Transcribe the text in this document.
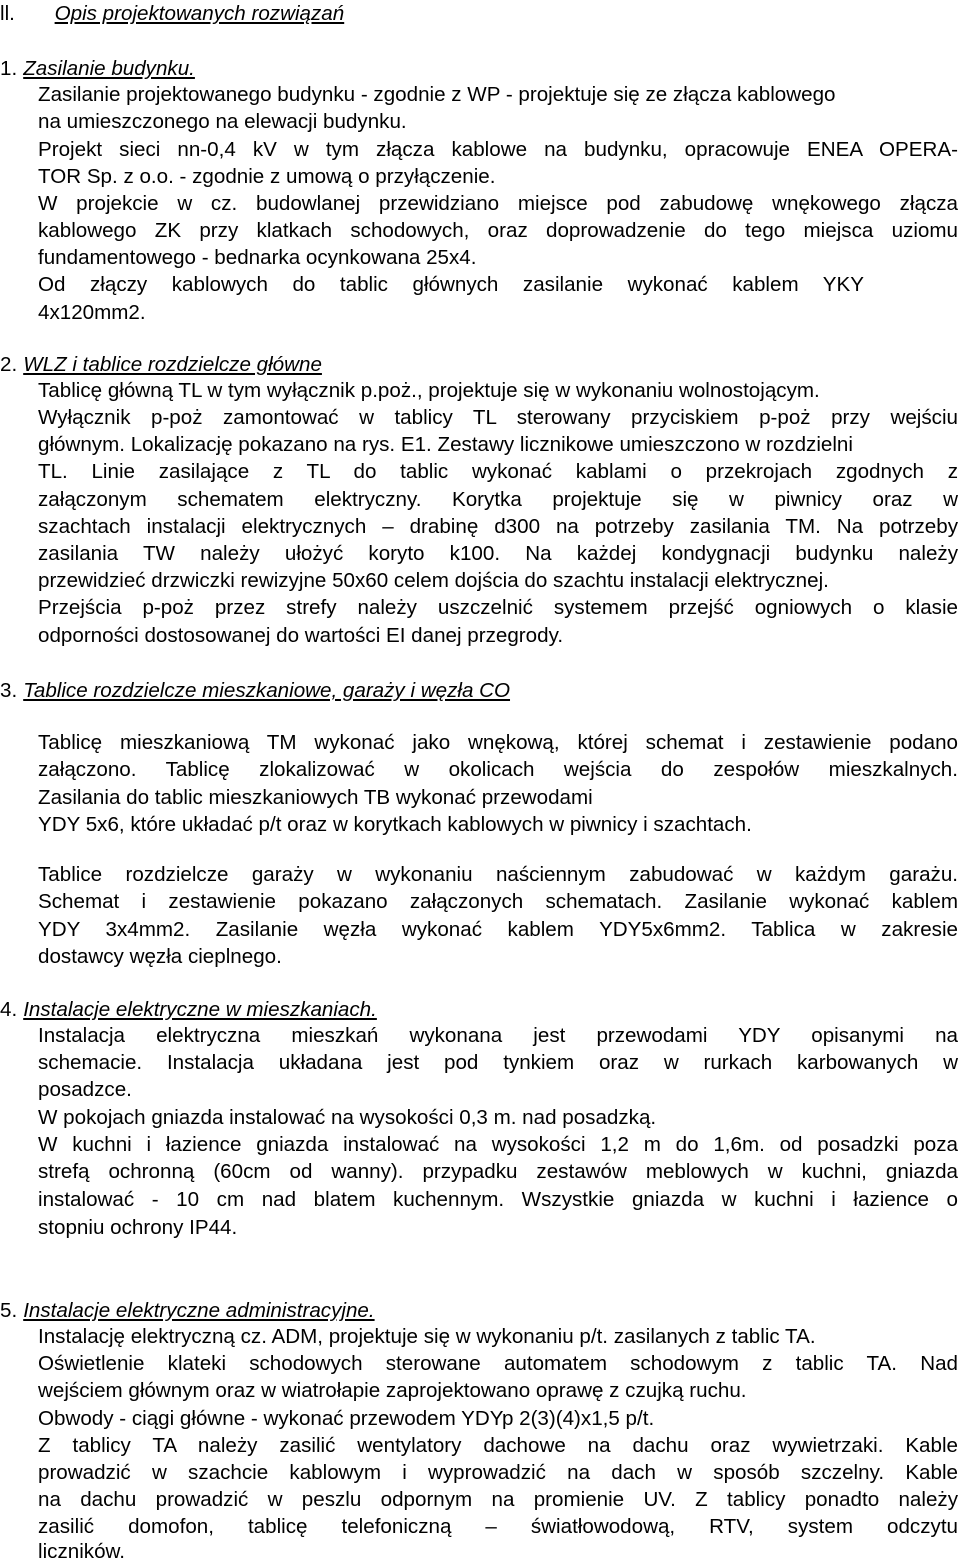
ll. Opis projektowanych rozwiązań
1. Zasilanie budynku.
Zasilanie projektowanego budynku - zgodnie z WP - projektuje się ze złącza kablowego
na umieszczonego na elewacji budynku.
Projekt sieci nn-0,4 kV w tym złącza kablowe na budynku, opracowuje ENEA OPERA-
TOR Sp. z o.o. - zgodnie z umową o przyłączenie.
W projekcie w cz. budowlanej przewidziano miejsce pod zabudowę wnękowego złącza
kablowego ZK przy klatkach schodowych, oraz doprowadzenie do tego miejsca uziomu
fundamentowego - bednarka ocynkowana 25x4.
Od złączy kablowych do tablic głównych zasilanie wykonać kablem YKY
4x120mm2.
2. WLZ i tablice rozdzielcze główne
Tablicę główną TL w tym wyłącznik p.poż., projektuje się w wykonaniu wolnostojącym.
Wyłącznik p-poż zamontować w tablicy TL sterowany przyciskiem p-poż przy wejściu
głównym. Lokalizację pokazano na rys. E1. Zestawy licznikowe umieszczono w rozdzielni
TL. Linie zasilające z TL do tablic wykonać kablami o przekrojach zgodnych z
załączonym schematem elektryczny. Korytka projektuje się w piwnicy oraz w
szachtach instalacji elektrycznych – drabinę d300 na potrzeby zasilania TM. Na potrzeby
zasilania TW należy ułożyć koryto k100. Na każdej kondygnacji budynku należy
przewidzieć drzwiczki rewizyjne 50x60 celem dojścia do szachtu instalacji elektrycznej.
Przejścia p-poż przez strefy należy uszczelnić systemem przejść ogniowych o klasie
odporności dostosowanej do wartości EI danej przegrody.
3. Tablice rozdzielcze mieszkaniowe, garaży i węzła CO
Tablicę mieszkaniową TM wykonać jako wnękową, której schemat i zestawienie podano
załączono. Tablicę zlokalizować w okolicach wejścia do zespołów mieszkalnych.
Zasilania do tablic mieszkaniowych TB wykonać przewodami
YDY 5x6, które układać p/t oraz w korytkach kablowych w piwnicy i szachtach.
Tablice rozdzielcze garaży w wykonaniu naściennym zabudować w każdym garażu.
Schemat i zestawienie pokazano załączonych schematach. Zasilanie wykonać kablem
YDY 3x4mm2. Zasilanie węzła wykonać kablem YDY5x6mm2. Tablica w zakresie
dostawcy węzła cieplnego.
4. Instalacje elektryczne w mieszkaniach.
Instalacja elektryczna mieszkań wykonana jest przewodami YDY opisanymi na
schemacie. Instalacja układana jest pod tynkiem oraz w rurkach karbowanych w
posadzce.
W pokojach gniazda instalować na wysokości 0,3 m. nad posadzką.
W kuchni i łazience gniazda instalować na wysokości 1,2 m do 1,6m. od posadzki poza
strefą ochronną (60cm od wanny). przypadku zestawów meblowych w kuchni, gniazda
instalować - 10 cm nad blatem kuchennym. Wszystkie gniazda w kuchni i łazience o
stopniu ochrony IP44.
5. Instalacje elektryczne administracyjne.
Instalację elektryczną cz. ADM, projektuje się w wykonaniu p/t. zasilanych z tablic TA.
Oświetlenie klateki schodowych sterowane automatem schodowym z tablic TA. Nad
wejściem głównym oraz w wiatrołapie zaprojektowano oprawę z czujką ruchu.
Obwody - ciągi główne - wykonać przewodem YDYp 2(3)(4)x1,5 p/t.
Z tablicy TA należy zasilić wentylatory dachowe na dachu oraz wywietrzaki. Kable
prowadzić w szachcie kablowym i wyprowadzić na dach w sposób szczelny. Kable
na dachu prowadzić w peszlu odpornym na promienie UV. Z tablicy ponadto należy
zasilić domofon, tablicę telefoniczną – światłowodową, RTV, system odczytu
liczników.
